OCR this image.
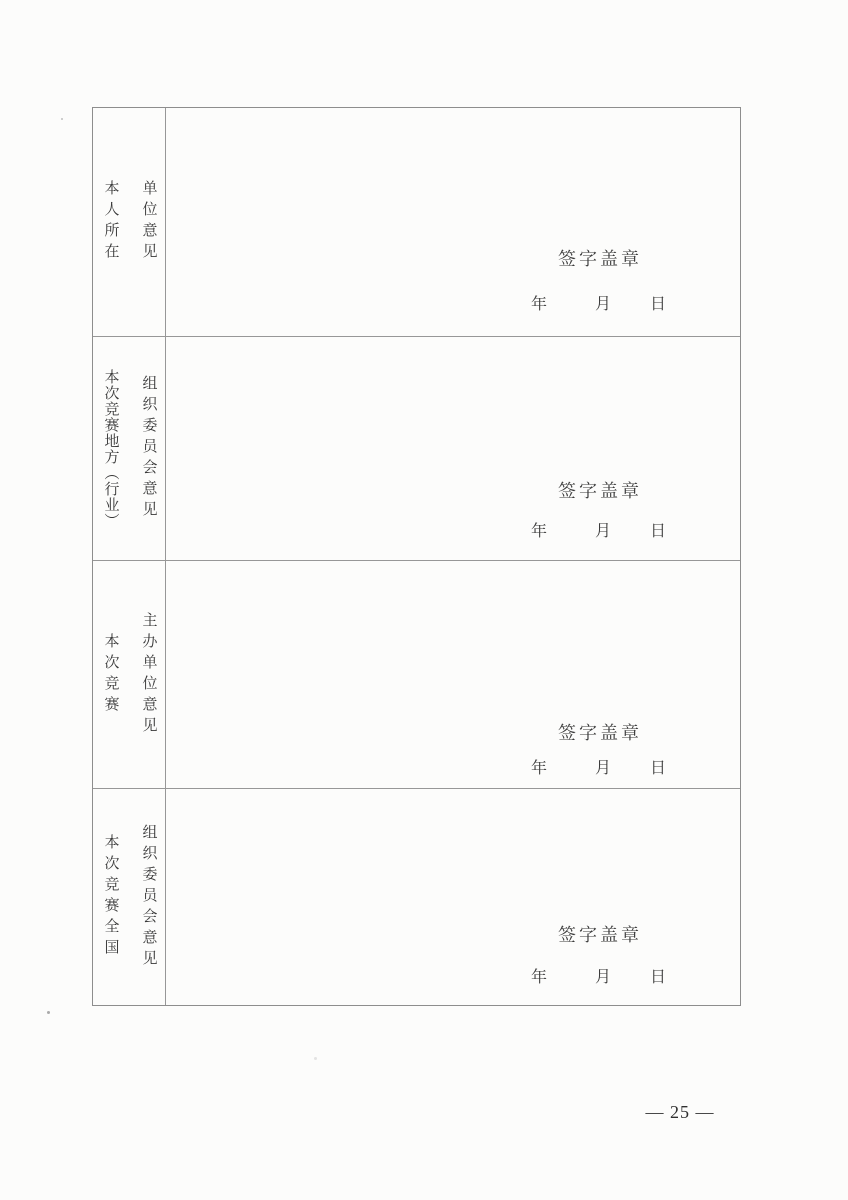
本人所在 单位意见	签字盖章
年	月 日
本次竞赛地方（行业） 组织委员会意见	签字盖章
年	月 日
本次竞赛 主办单位意见	签字盖章
年	月 日
本次竞赛全国 组织委员会意见	签字盖章
年	月 日
— 25 —
